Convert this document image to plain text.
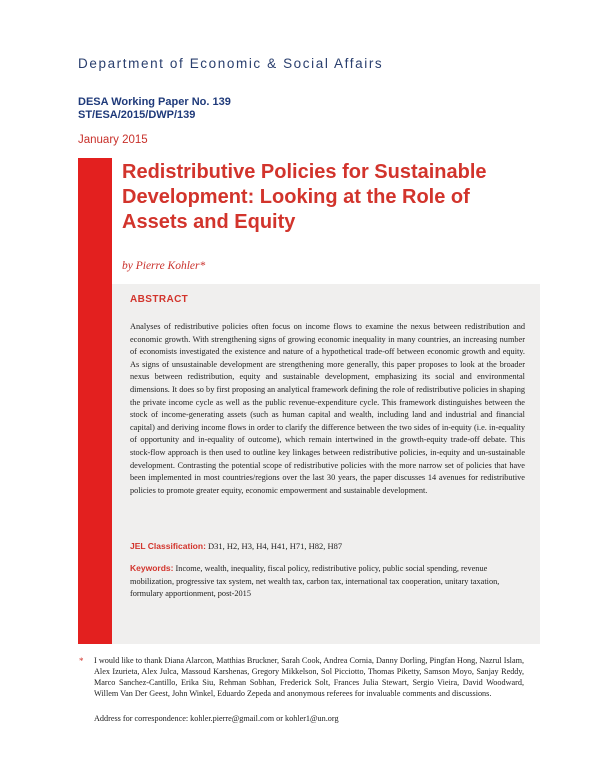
Department of Economic & Social Affairs
DESA Working Paper No. 139
ST/ESA/2015/DWP/139
January 2015
Redistributive Policies for Sustainable
Development: Looking at the Role of
Assets and Equity
by Pierre Kohler*
ABSTRACT

Analyses of redistributive policies often focus on income flows to examine the nexus between redistribution and economic growth. With strengthening signs of growing economic inequality in many countries, an increasing number of economists investigated the existence and nature of a hypothetical trade-off between economic growth and equity. As signs of unsustainable development are strengthening more generally, this paper proposes to look at the broader nexus between redistribution, equity and sustainable development, emphasizing its social and environmental dimensions. It does so by first proposing an analytical framework defining the role of redistributive policies in shaping the private income cycle as well as the public revenue-expenditure cycle. This framework distinguishes between the stock of income-generating assets (such as human capital and wealth, including land and industrial and financial capital) and deriving income flows in order to clarify the difference between the two sides of in-equity (i.e. in-equality of opportunity and in-equality of outcome), which remain intertwined in the growth-equity trade-off debate. This stock-flow approach is then used to outline key linkages between redistributive policies, in-equity and un-sustainable development. Contrasting the potential scope of redistributive policies with the more narrow set of policies that have been implemented in most countries/regions over the last 30 years, the paper discusses 14 avenues for redistributive policies to promote greater equity, economic empowerment and sustainable development.

JEL Classification: D31, H2, H3, H4, H41, H71, H82, H87
Keywords: Income, wealth, inequality, fiscal policy, redistributive policy, public social spending, revenue mobilization, progressive tax system, net wealth tax, carbon tax, international tax cooperation, unitary taxation, formulary apportionment, post-2015
* I would like to thank Diana Alarcon, Matthias Bruckner, Sarah Cook, Andrea Cornia, Danny Dorling, Pingfan Hong, Nazrul Islam, Alex Izurieta, Alex Julca, Massoud Karshenas, Gregory Mikkelson, Sol Picciotto, Thomas Piketty, Samson Moyo, Sanjay Reddy, Marco Sanchez-Cantillo, Erika Siu, Rehman Sobhan, Frederick Solt, Frances Julia Stewart, Sergio Vieira, David Woodward, Willem Van Der Geest, John Winkel, Eduardo Zepeda and anonymous referees for invaluable comments and discussions.

Address for correspondence: kohler.pierre@gmail.com or kohler1@un.org
